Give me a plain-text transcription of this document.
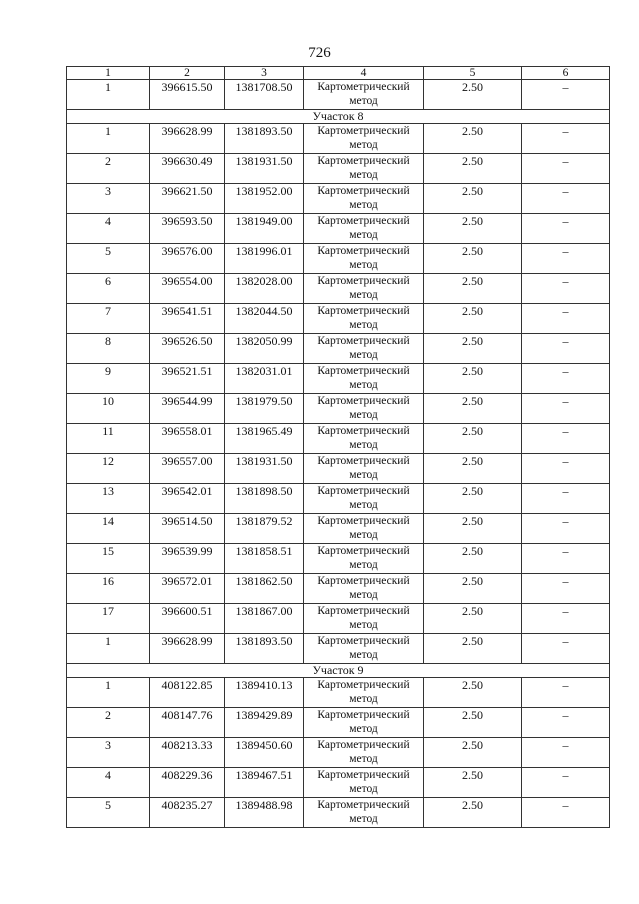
726
1	2	3	4	5	6
1	396615.50	1381708.50	Картометрический метод	2.50	–
Участок 8					
1	396628.99	1381893.50	Картометрический метод	2.50	–
2	396630.49	1381931.50	Картометрический метод	2.50	–
3	396621.50	1381952.00	Картометрический метод	2.50	–
4	396593.50	1381949.00	Картометрический метод	2.50	–
5	396576.00	1381996.01	Картометрический метод	2.50	–
6	396554.00	1382028.00	Картометрический метод	2.50	–
7	396541.51	1382044.50	Картометрический метод	2.50	–
8	396526.50	1382050.99	Картометрический метод	2.50	–
9	396521.51	1382031.01	Картометрический метод	2.50	–
10	396544.99	1381979.50	Картометрический метод	2.50	–
11	396558.01	1381965.49	Картометрический метод	2.50	–
12	396557.00	1381931.50	Картометрический метод	2.50	–
13	396542.01	1381898.50	Картометрический метод	2.50	–
14	396514.50	1381879.52	Картометрический метод	2.50	–
15	396539.99	1381858.51	Картометрический метод	2.50	–
16	396572.01	1381862.50	Картометрический метод	2.50	–
17	396600.51	1381867.00	Картометрический метод	2.50	–
1	396628.99	1381893.50	Картометрический метод	2.50	–
Участок 9					
1	408122.85	1389410.13	Картометрический метод	2.50	–
2	408147.76	1389429.89	Картометрический метод	2.50	–
3	408213.33	1389450.60	Картометрический метод	2.50	–
4	408229.36	1389467.51	Картометрический метод	2.50	–
5	408235.27	1389488.98	Картометрический метод	2.50	–
